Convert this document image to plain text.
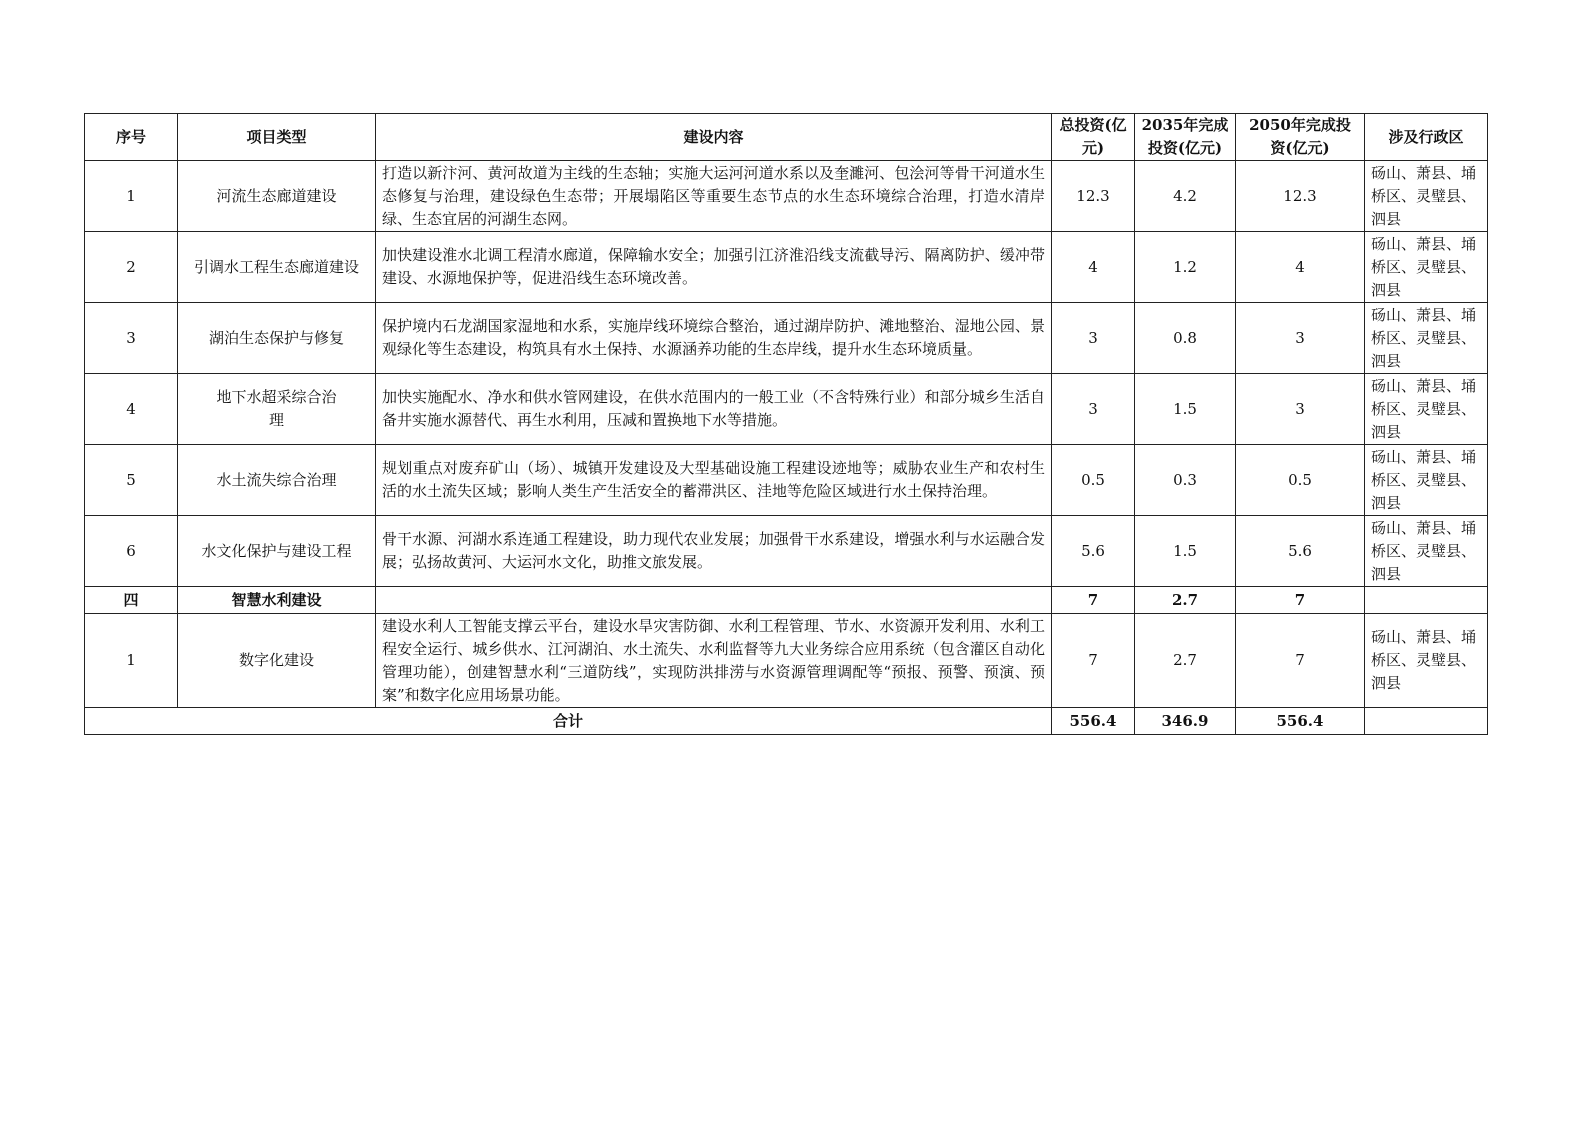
序号	项目类型	建设内容	总投资(亿元)	2035年完成投资(亿元)	2050年完成投资(亿元)	涉及行政区
1	河流生态廊道建设	打造以新汴河、黄河故道为主线的生态轴；实施大运河河道水系以及奎濉河、包浍河等骨干河道水生态修复与治理，建设绿色生态带；开展塌陷区等重要生态节点的水生态环境综合治理，打造水清岸绿、生态宜居的河湖生态网。	12.3	4.2	12.3	砀山、萧县、埇桥区、灵璧县、泗县
2	引调水工程生态廊道建设	加快建设淮水北调工程清水廊道，保障输水安全；加强引江济淮沿线支流截导污、隔离防护、缓冲带建设、水源地保护等，促进沿线生态环境改善。	4	1.2	4	砀山、萧县、埇桥区、灵璧县、泗县
3	湖泊生态保护与修复	保护境内石龙湖国家湿地和水系，实施岸线环境综合整治，通过湖岸防护、滩地整治、湿地公园、景观绿化等生态建设，构筑具有水土保持、水源涵养功能的生态岸线，提升水生态环境质量。	3	0.8	3	砀山、萧县、埇桥区、灵璧县、泗县
4	地下水超采综合治理	加快实施配水、净水和供水管网建设，在供水范围内的一般工业（不含特殊行业）和部分城乡生活自备井实施水源替代、再生水利用，压减和置换地下水等措施。	3	1.5	3	砀山、萧县、埇桥区、灵璧县、泗县
5	水土流失综合治理	规划重点对废弃矿山（场）、城镇开发建设及大型基础设施工程建设迹地等；威胁农业生产和农村生活的水土流失区域；影响人类生产生活安全的蓄滞洪区、洼地等危险区域进行水土保持治理。	0.5	0.3	0.5	砀山、萧县、埇桥区、灵璧县、泗县
6	水文化保护与建设工程	骨干水源、河湖水系连通工程建设，助力现代农业发展；加强骨干水系建设，增强水利与水运融合发展；弘扬故黄河、大运河水文化，助推文旅发展。	5.6	1.5	5.6	砀山、萧县、埇桥区、灵璧县、泗县
四	智慧水利建设		7	2.7	7	
1	数字化建设	建设水利人工智能支撑云平台，建设水旱灾害防御、水利工程管理、节水、水资源开发利用、水利工程安全运行、城乡供水、江河湖泊、水土流失、水利监督等九大业务综合应用系统（包含灌区自动化管理功能），创建智慧水利“三道防线”，实现防洪排涝与水资源管理调配等“预报、预警、预演、预案”和数字化应用场景功能。	7	2.7	7	砀山、萧县、埇桥区、灵璧县、泗县
合计			556.4	346.9	556.4	
